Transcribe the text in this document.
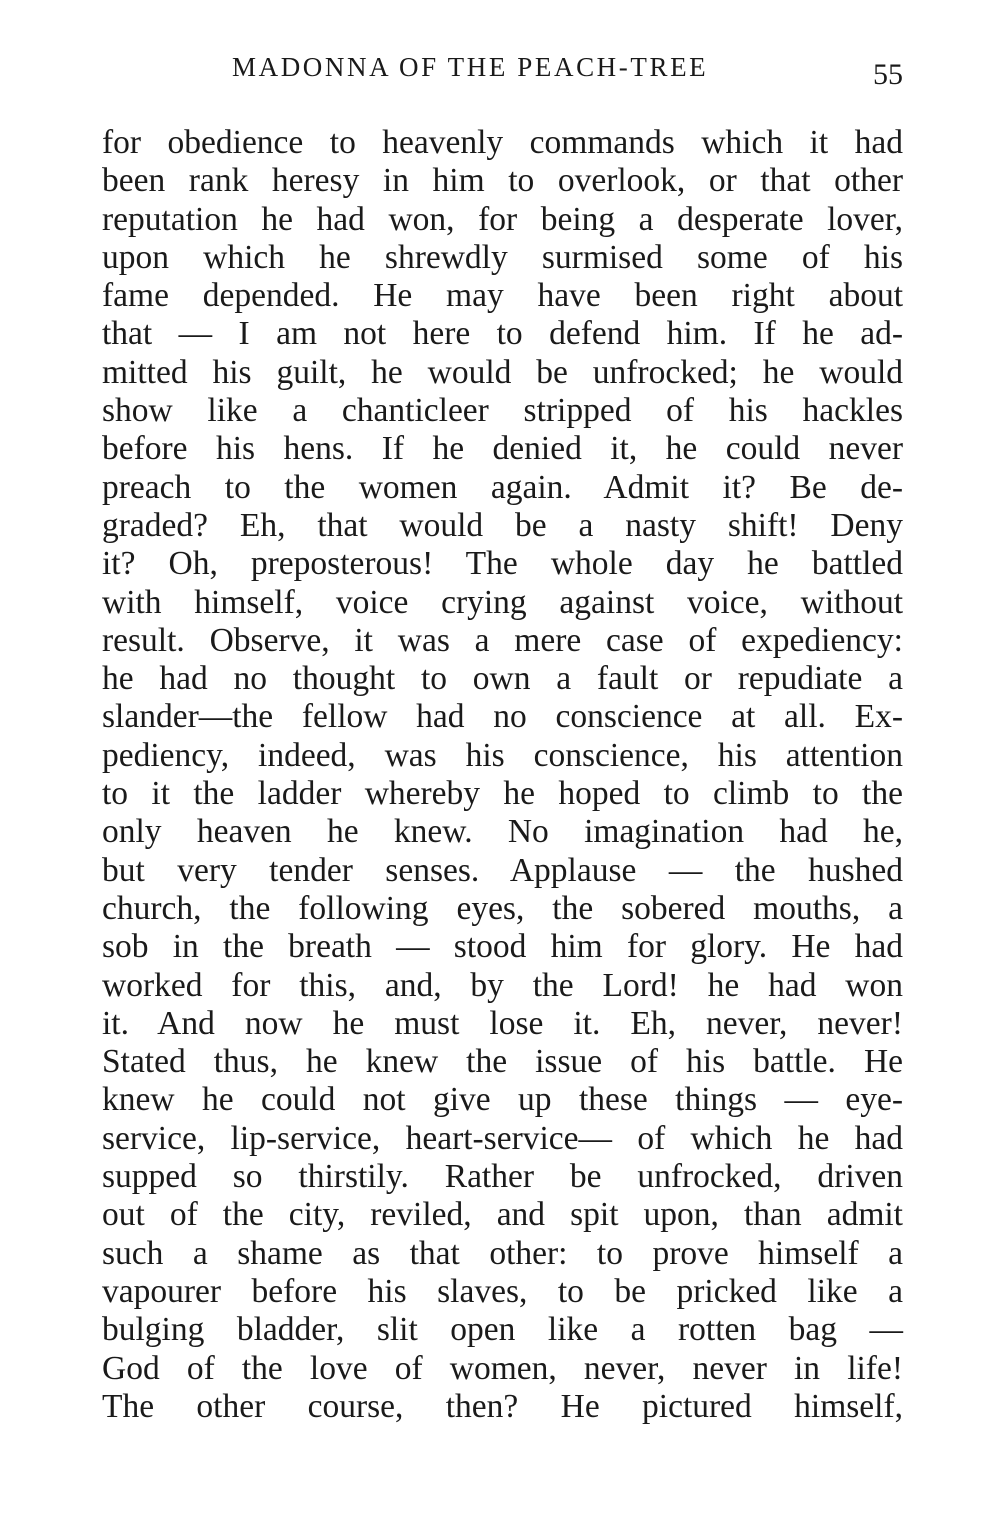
MADONNA OF THE PEACH-TREE	55
for obedience to heavenly commands which it had
been rank heresy in him to overlook, or that other
reputation he had won, for being a desperate lover,
upon which he shrewdly surmised some of his
fame depended. He may have been right about
that — I am not here to defend him. If he ad-
mitted his guilt, he would be unfrocked; he would
show like a chanticleer stripped of his hackles
before his hens. If he denied it, he could never
preach to the women again. Admit it? Be de-
graded? Eh, that would be a nasty shift! Deny
it? Oh, preposterous! The whole day he battled
with himself, voice crying against voice, without
result. Observe, it was a mere case of expediency:
he had no thought to own a fault or repudiate a
slander—the fellow had no conscience at all. Ex-
pediency, indeed, was his conscience, his attention
to it the ladder whereby he hoped to climb to the
only heaven he knew. No imagination had he,
but very tender senses. Applause — the hushed
church, the following eyes, the sobered mouths, a
sob in the breath — stood him for glory. He had
worked for this, and, by the Lord! he had won
it. And now he must lose it. Eh, never, never!
Stated thus, he knew the issue of his battle. He
knew he could not give up these things — eye-
service, lip-service, heart-service— of which he had
supped so thirstily. Rather be unfrocked, driven
out of the city, reviled, and spit upon, than admit
such a shame as that other: to prove himself a
vapourer before his slaves, to be pricked like a
bulging bladder, slit open like a rotten bag —
God of the love of women, never, never in life!
The other course, then? He pictured himself,
